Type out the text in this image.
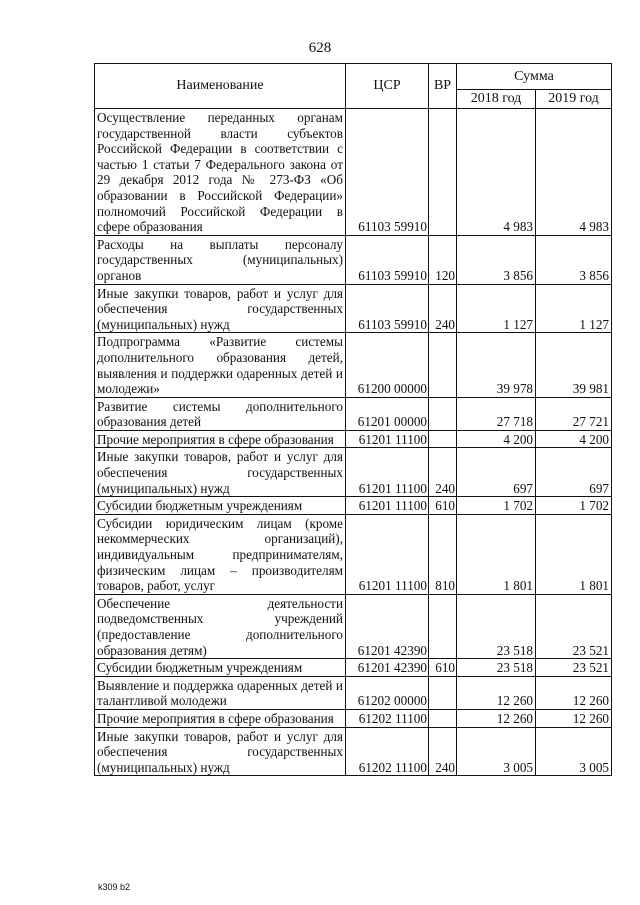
628
Наименование	ЦСР	ВР	Сумма	
			2018 год	2019 год
Осуществление переданных органам государственной власти субъектов Российской Федерации в соответствии с частью 1 статьи 7 Федерального закона от 29 декабря 2012 года № 273-ФЗ «Об образовании в Российской Федерации» полномочий Российской Федерации в сфере образования	61103 59910		4 983	4 983
Расходы на выплаты персоналу государственных (муниципальных) органов	61103 59910	120	3 856	3 856
Иные закупки товаров, работ и услуг для обеспечения государственных (муниципальных) нужд	61103 59910	240	1 127	1 127
Подпрограмма «Развитие системы дополнительного образования детей, выявления и поддержки одаренных детей и молодежи»	61200 00000		39 978	39 981
Развитие системы дополнительного образования детей	61201 00000		27 718	27 721
Прочие мероприятия в сфере образования	61201 11100		4 200	4 200
Иные закупки товаров, работ и услуг для обеспечения государственных (муниципальных) нужд	61201 11100	240	697	697
Субсидии бюджетным учреждениям	61201 11100	610	1 702	1 702
Субсидии юридическим лицам (кроме некоммерческих организаций), индивидуальным предпринимателям, физическим лицам – производителям товаров, работ, услуг	61201 11100	810	1 801	1 801
Обеспечение деятельности подведомственных учреждений (предоставление дополнительного образования детям)	61201 42390		23 518	23 521
Субсидии бюджетным учреждениям	61201 42390	610	23 518	23 521
Выявление и поддержка одаренных детей и талантливой молодежи	61202 00000		12 260	12 260
Прочие мероприятия в сфере образования	61202 11100		12 260	12 260
Иные закупки товаров, работ и услуг для обеспечения государственных (муниципальных) нужд	61202 11100	240	3 005	3 005
k309 b2
